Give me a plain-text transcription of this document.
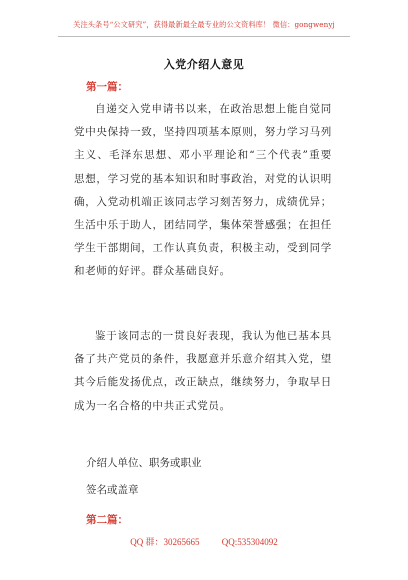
关注头条号“公文研究”，获得最新最全最专业的公文资料库！ 微信：gongwenyj
入党介绍人意见
第一篇：
自递交入党申请书以来，在政治思想上能自觉同党中央保持一致，坚持四项基本原则，努力学习马列主义、毛泽东思想、邓小平理论和“三个代表”重要思想，学习党的基本知识和时事政治，对党的认识明确，入党动机端正该同志学习刻苦努力，成绩优异；生活中乐于助人，团结同学，集体荣誉感强；在担任学生干部期间，工作认真负责，积极主动，受到同学和老师的好评。群众基础良好。
鉴于该同志的一贯良好表现，我认为他已基本具备了共产党员的条件，我愿意并乐意介绍其入党，望其今后能发扬优点，改正缺点，继续努力，争取早日成为一名合格的中共正式党员。
介绍人单位、职务或职业
签名或盖章
第二篇：
QQ 群：30265665 QQ:535304092
